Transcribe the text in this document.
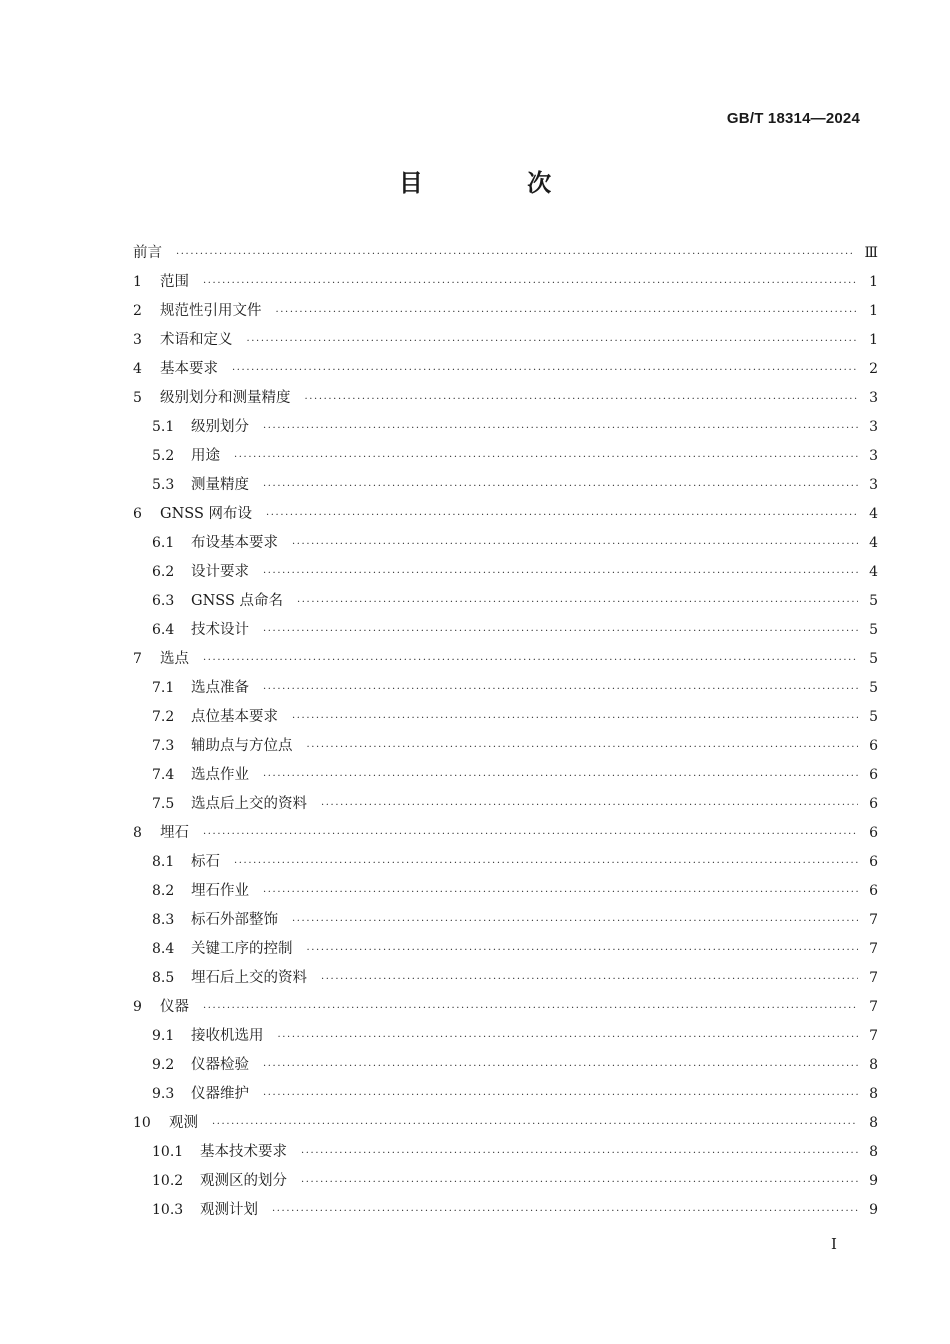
GB/T 18314—2024
目 次
前言 ·····	Ⅲ
1	范围 ·····	1
2	规范性引用文件 ·····	1
3	术语和定义 ·····	1
4	基本要求 ·····	2
5	级别划分和测量精度 ·····	3
5.1	级别划分 ·····	3
5.2	用途 ·····	3
5.3	测量精度 ·····	3
6	GNSS 网布设 ·····	4
6.1	布设基本要求 ·····	4
6.2	设计要求 ·····	4
6.3	GNSS 点命名 ·····	5
6.4	技术设计 ·····	5
7	选点 ·····	5
7.1	选点准备 ·····	5
7.2	点位基本要求 ·····	5
7.3	辅助点与方位点 ·····	6
7.4	选点作业 ·····	6
7.5	选点后上交的资料 ·····	6
8	埋石 ·····	6
8.1	标石 ·····	6
8.2	埋石作业 ·····	6
8.3	标石外部整饰 ·····	7
8.4	关键工序的控制 ·····	7
8.5	埋石后上交的资料 ·····	7
9	仪器 ·····	7
9.1	接收机选用 ·····	7
9.2	仪器检验 ·····	8
9.3	仪器维护 ·····	8
10	观测 ·····	8
10.1	基本技术要求 ·····	8
10.2	观测区的划分 ·····	9
10.3	观测计划 ·····	9
I
